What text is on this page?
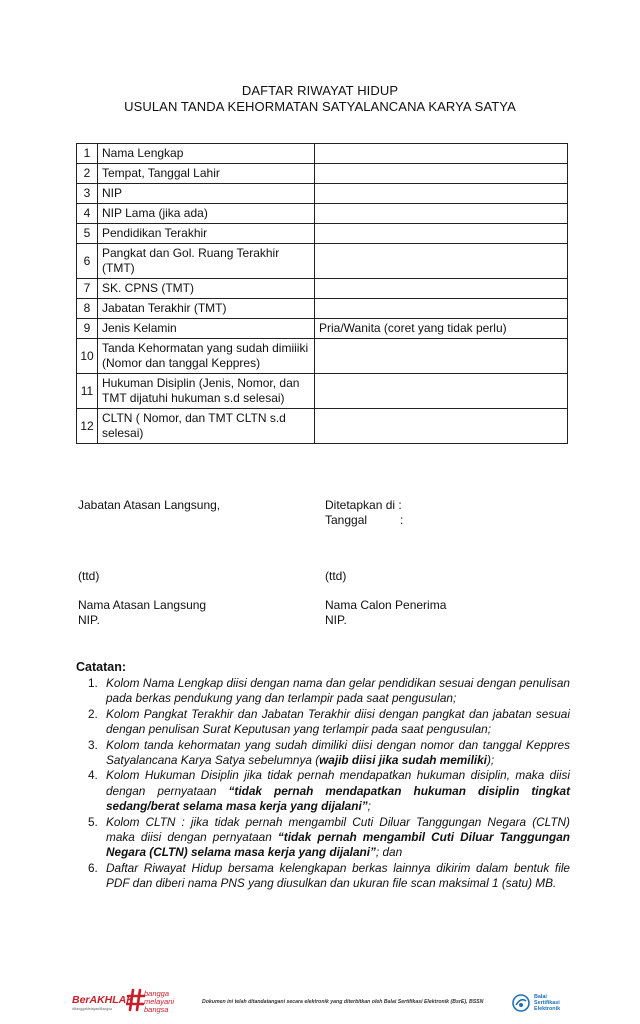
DAFTAR RIWAYAT HIDUP
USULAN TANDA KEHORMATAN SATYALANCANA KARYA SATYA
1	Nama Lengkap	
2	Tempat, Tanggal Lahir	
3	NIP	
4	NIP Lama (jika ada)	
5	Pendidikan Terakhir	
6	Pangkat dan Gol. Ruang Terakhir (TMT)	
7	SK. CPNS (TMT)	
8	Jabatan Terakhir (TMT)	
9	Jenis Kelamin	Pria/Wanita (coret yang tidak perlu)
10	Tanda Kehormatan yang sudah dimiiiki (Nomor dan tanggal Keppres)	
11	Hukuman Disiplin (Jenis, Nomor, dan TMT dijatuhi hukuman s.d selesai)	
12	CLTN ( Nomor, dan TMT CLTN s.d selesai)	
Jabatan Atasan Langsung,	Ditetapkan di :
Tanggal	:
(ttd)	(ttd)
Nama Atasan Langsung
NIP.
Nama Calon Penerima
NIP.
Catatan:
1. Kolom Nama Lengkap diisi dengan nama dan gelar pendidikan sesuai dengan penulisan pada berkas pendukung yang dan terlampir pada saat pengusulan;
2. Kolom Pangkat Terakhir dan Jabatan Terakhir diisi dengan pangkat dan jabatan sesuai dengan penulisan Surat Keputusan yang terlampir pada saat pengusulan;
3. Kolom tanda kehormatan yang sudah dimiliki diisi dengan nomor dan tanggal Keppres Satyalancana Karya Satya sebelumnya (wajib diisi jika sudah memiliki);
4. Kolom Hukuman Disiplin jika tidak pernah mendapatkan hukuman disiplin, maka diisi dengan pernyataan “tidak pernah mendapatkan hukuman disiplin tingkat sedang/berat selama masa kerja yang dijalani”;
5. Kolom CLTN : jika tidak pernah mengambil Cuti Diluar Tanggungan Negara (CLTN) maka diisi dengan pernyataan “tidak pernah mengambil Cuti Diluar Tanggungan Negara (CLTN) selama masa kerja yang dijalani”; dan
6. Daftar Riwayat Hidup bersama kelengkapan berkas lainnya dikirim dalam bentuk file PDF dan diberi nama PNS yang diusulkan dan ukuran file scan maksimal 1 (satu) MB.
BerAKHLAK
#BanggaMelayaniBangsa
bangga
melayani
bangsa
Dokumen ini telah ditandatangani secara elektronik yang diterbitkan oleh Balai Sertifikasi Elektronik (BsrE), BSSN
Balai
Sertifikasi
Elektronik
